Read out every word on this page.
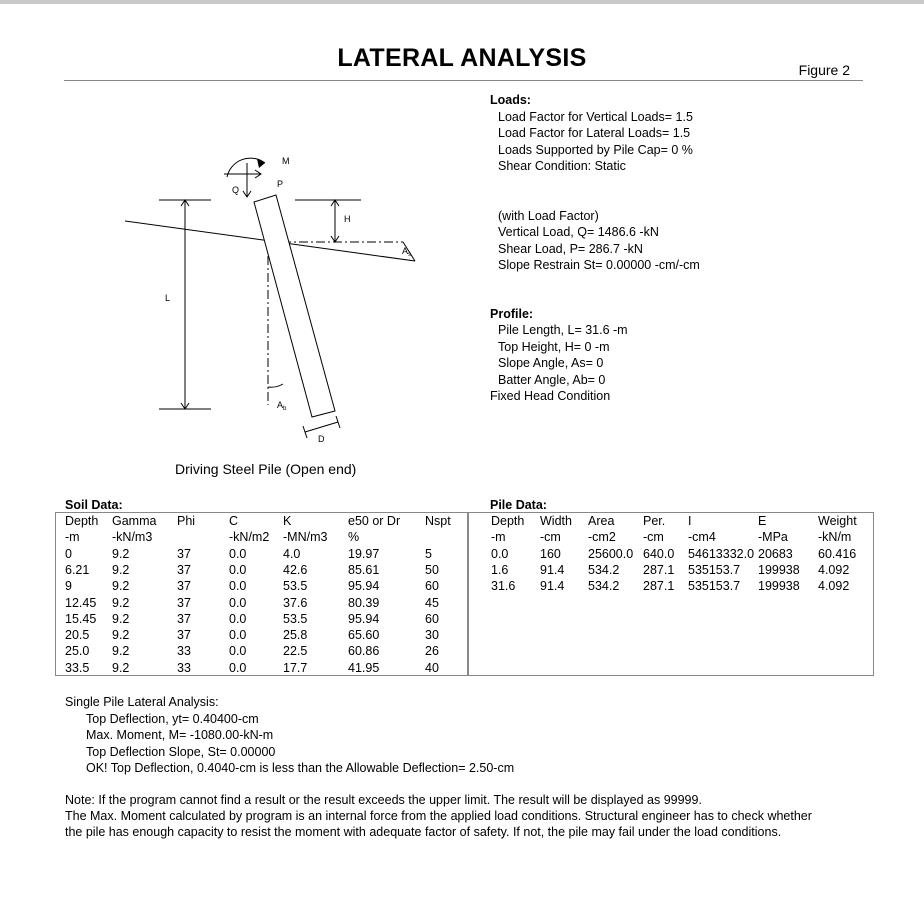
LATERAL ANALYSIS	Figure 2
M
Q
P
$A_s$
H
L
$A_b$
D
Driving Steel Pile (Open end)
Loads:
Load Factor for Vertical Loads= 1.5
Load Factor for Lateral Loads= 1.5
Loads Supported by Pile Cap= 0 %
Shear Condition: Static
(with Load Factor)
Vertical Load, Q= 1486.6 -kN
Shear Load, P= 286.7 -kN
Slope Restrain St= 0.00000 -cm/-cm
Profile:
Pile Length, L= 31.6 -m
Top Height, H= 0 -m
Slope Angle, As= 0
Batter Angle, Ab= 0
Fixed Head Condition
Soil Data:	Pile Data:
Depth Gamma Phi	C	K	e50 or Dr Nspt
-m	-kN/m3	-kN/m2 -MN/m3 %
0	9.2	37	0.0	4.0	19.97	5
6.21 9.2	37	0.0	42.6	85.61	50
9	9.2	37	0.0	53.5	95.94	60
12.45 9.2	37	0.0	37.6	80.39	45
15.45 9.2	37	0.0	53.5	95.94	60
20.5 9.2	37	0.0	25.8	65.60	30
25.0 9.2	33	0.0	22.5	60.86	26
33.5 9.2	33	0.0	17.7	41.95	40
Depth Width Area Per. I	E	Weight
-m	-cm -cm2 -cm -cm4	-MPa -kN/m
0.0	160 25600.0 640.0 54613332.0 20683 60.416
1.6	91.4 534.2 287.1 535153.7 199938 4.092
31.6 91.4 534.2 287.1 535153.7 199938 4.092
Single Pile Lateral Analysis:
Top Deflection, yt= 0.40400-cm
Max. Moment, M= -1080.00-kN-m
Top Deflection Slope, St= 0.00000
OK! Top Deflection, 0.4040-cm is less than the Allowable Deflection= 2.50-cm
Note: If the program cannot find a result or the result exceeds the upper limit. The result will be displayed as 99999.
The Max. Moment calculated by program is an internal force from the applied load conditions. Structural engineer has to check whether
the pile has enough capacity to resist the moment with adequate factor of safety. If not, the pile may fail under the load conditions.
